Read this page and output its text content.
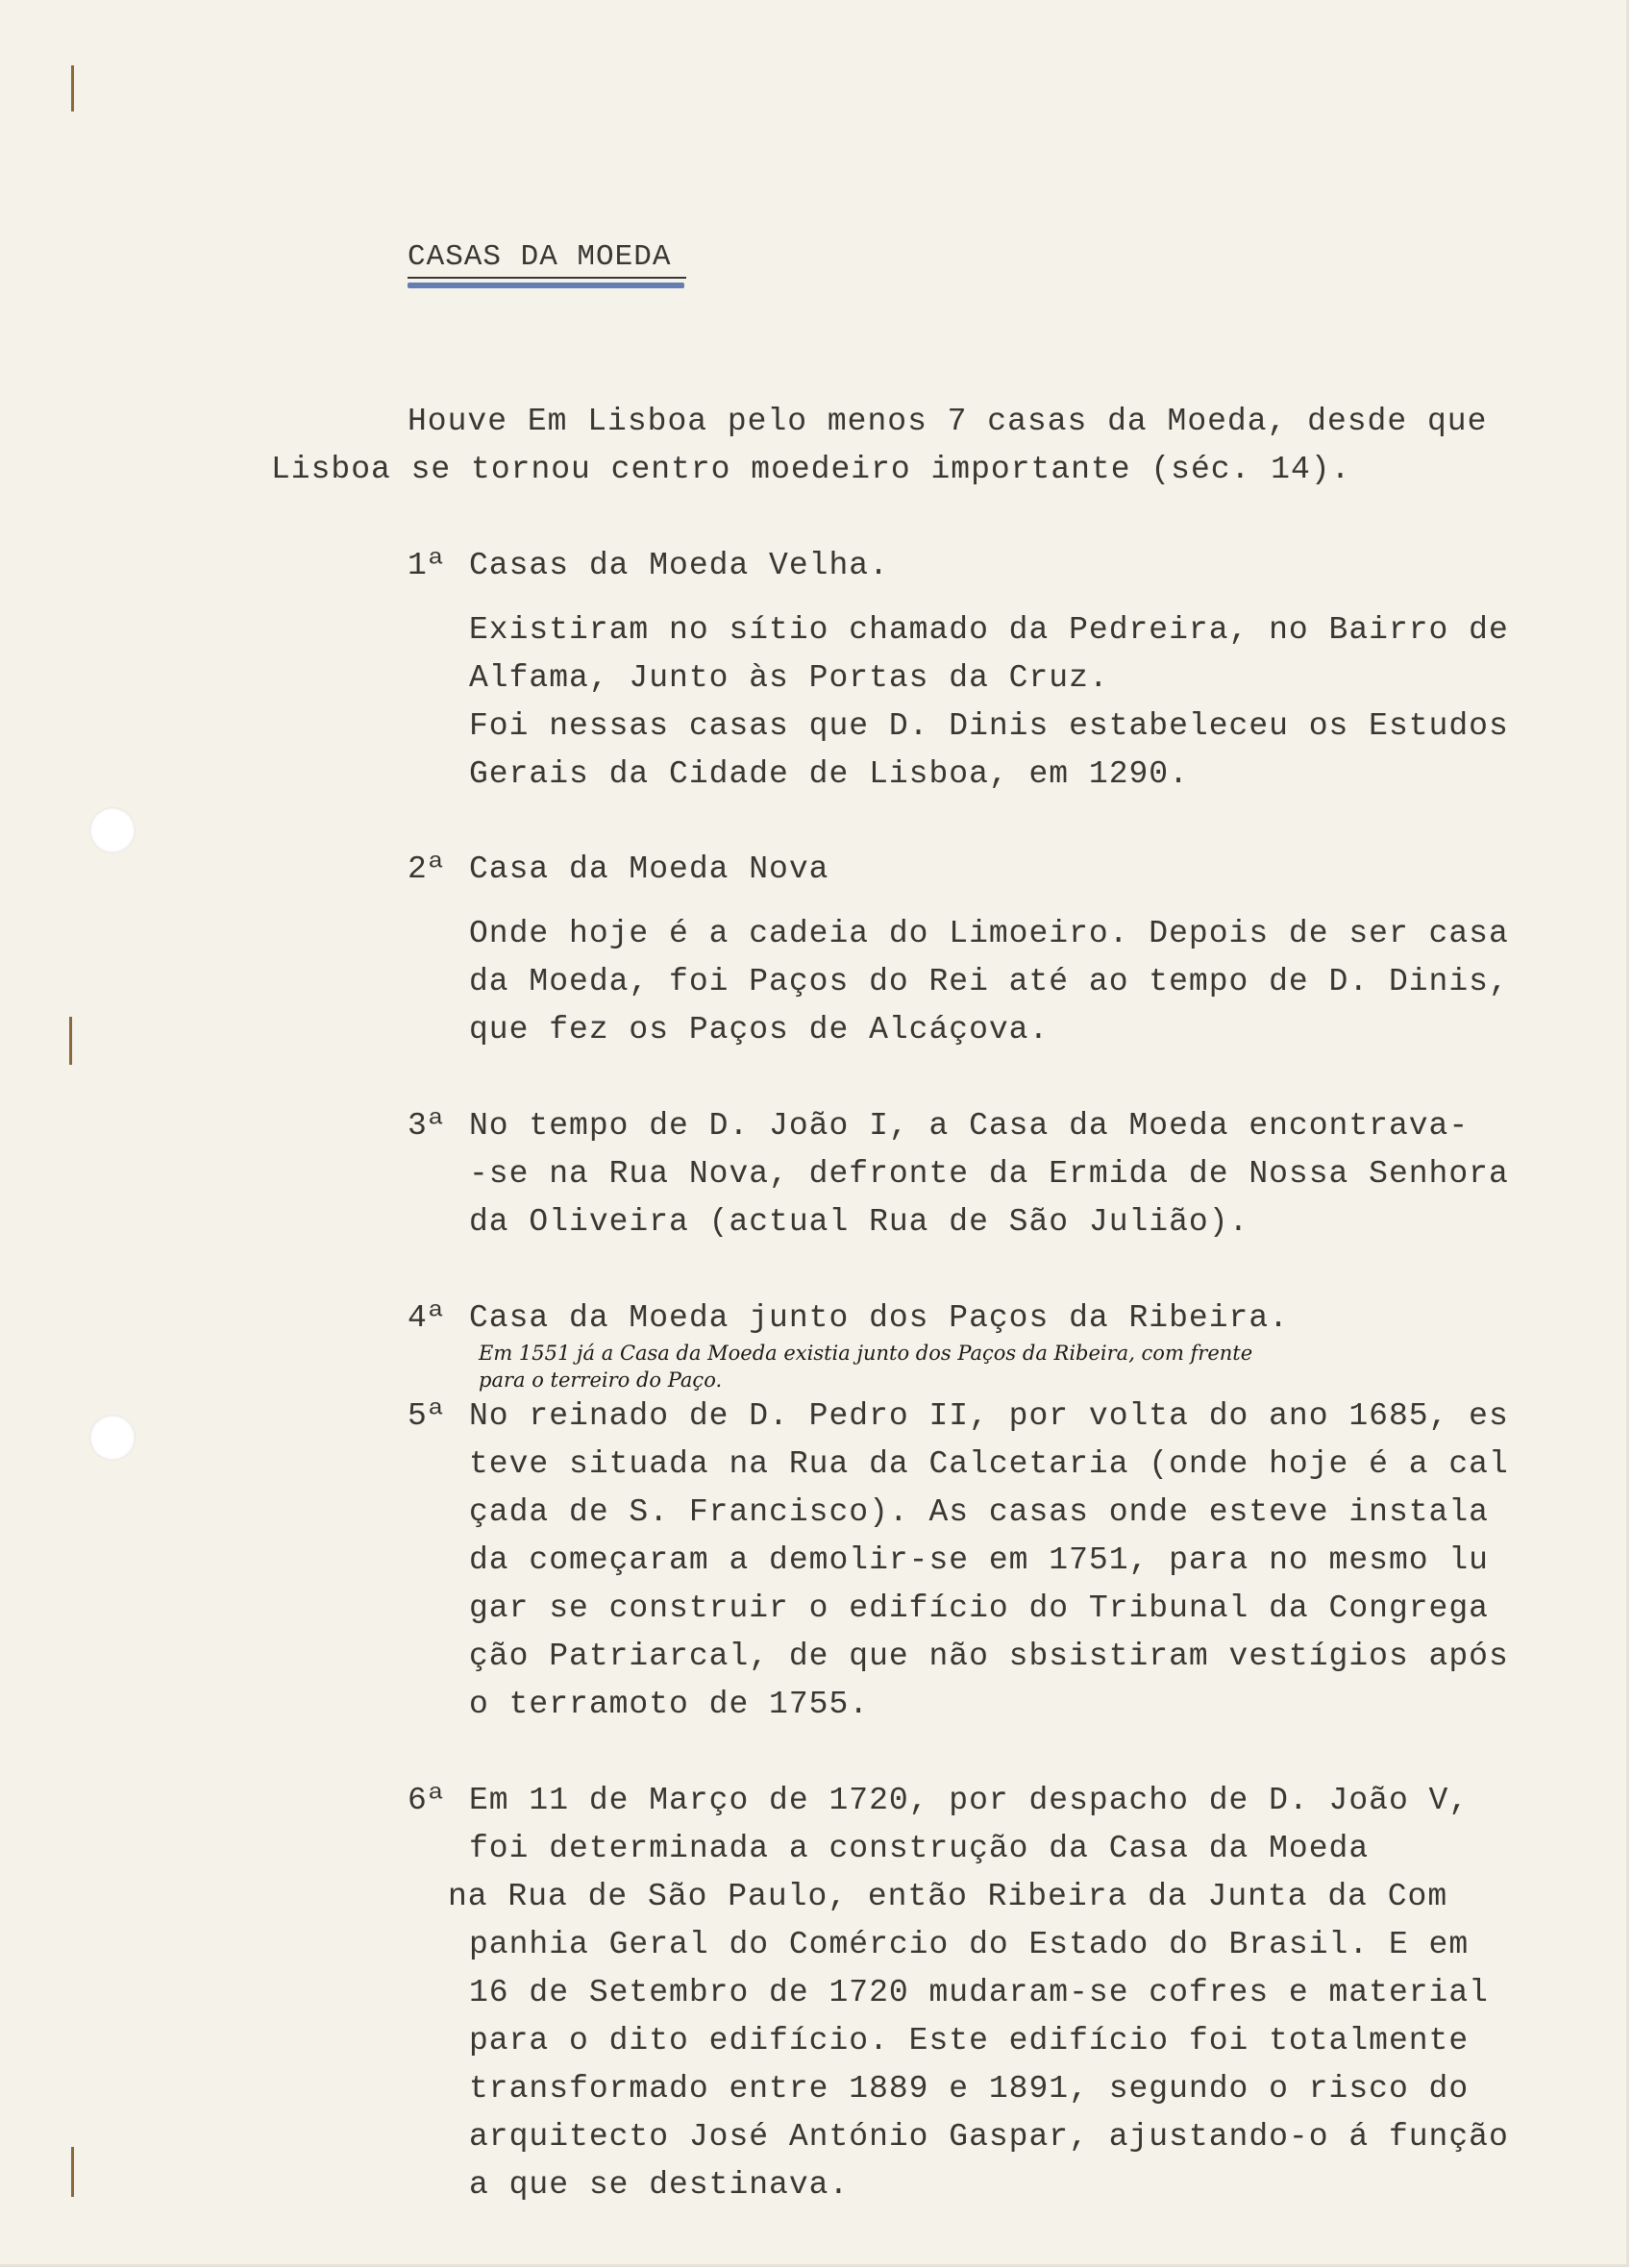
CASAS DA MOEDA
Houve Em Lisboa pelo menos 7 casas da Moeda, desde que
Lisboa se tornou centro moedeiro importante (séc. 14).
1ª Casas da Moeda Velha.
Existiram no sítio chamado da Pedreira, no Bairro de
Alfama, Junto às Portas da Cruz.
Foi nessas casas que D. Dinis estabeleceu os Estudos
Gerais da Cidade de Lisboa, em 1290.
2ª Casa da Moeda Nova
Onde hoje é a cadeia do Limoeiro. Depois de ser casa
da Moeda, foi Paços do Rei até ao tempo de D. Dinis,
que fez os Paços de Alcáçova.
3ª No tempo de D. João I, a Casa da Moeda encontrava-
-se na Rua Nova, defronte da Ermida de Nossa Senhora
da Oliveira (actual Rua de São Julião).
4ª Casa da Moeda junto dos Paços da Ribeira.
Em 1551 já a Casa da Moeda existia junto dos Paços da Ribeira, com frente
para o terreiro do Paço.
5ª No reinado de D. Pedro II, por volta do ano 1685, es
teve situada na Rua da Calcetaria (onde hoje é a cal
çada de S. Francisco). As casas onde esteve instala
da começaram a demolir-se em 1751, para no mesmo lu
gar se construir o edifício do Tribunal da Congrega
ção Patriarcal, de que não sbsistiram vestígios após
o terramoto de 1755.
6ª Em 11 de Março de 1720, por despacho de D. João V,
foi determinada a construção da Casa da Moeda
na Rua de São Paulo, então Ribeira da Junta da Com
panhia Geral do Comércio do Estado do Brasil. E em
16 de Setembro de 1720 mudaram-se cofres e material
para o dito edifício. Este edifício foi totalmente
transformado entre 1889 e 1891, segundo o risco do
arquitecto José António Gaspar, ajustando-o á função
a que se destinava.
